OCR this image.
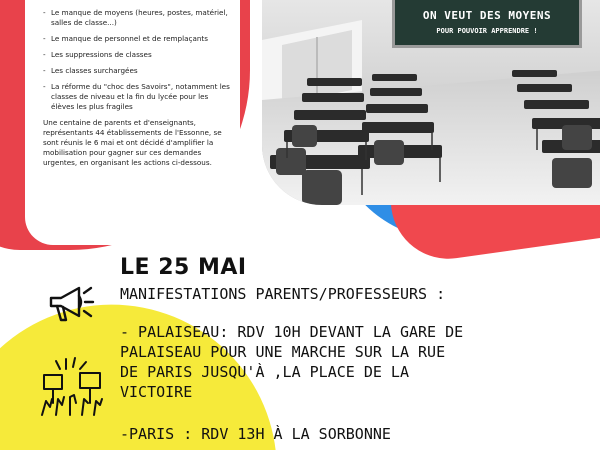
- Le manque de moyens (heures, postes, matériel, salles de classe...)
- Le manque de personnel et de remplaçants
- Les suppressions de classes
- Les classes surchargées
- La réforme du "choc des Savoirs", notamment les classes de niveau et la fin du lycée pour les élèves les plus fragiles

Une centaine de parents et d'enseignants, représentants 44 établissements de l'Essonne, se sont réunis le 6 mai et ont décidé d'amplifier la mobilisation pour gagner sur ces demandes urgentes, en organisant les actions ci-dessous.

ON VEUT DES MOYENS
POUR POUVOIR APPRENDRE !
LE 25 MAI
MANIFESTATIONS PARENTS/PROFESSEURS :
- PALAISEAU: RDV 10H DEVANT LA GARE DE
PALAISEAU POUR UNE MARCHE SUR LA RUE
DE PARIS JUSQU'À ,LA PLACE DE LA
VICTOIRE
-PARIS : RDV 13H À LA SORBONNE
